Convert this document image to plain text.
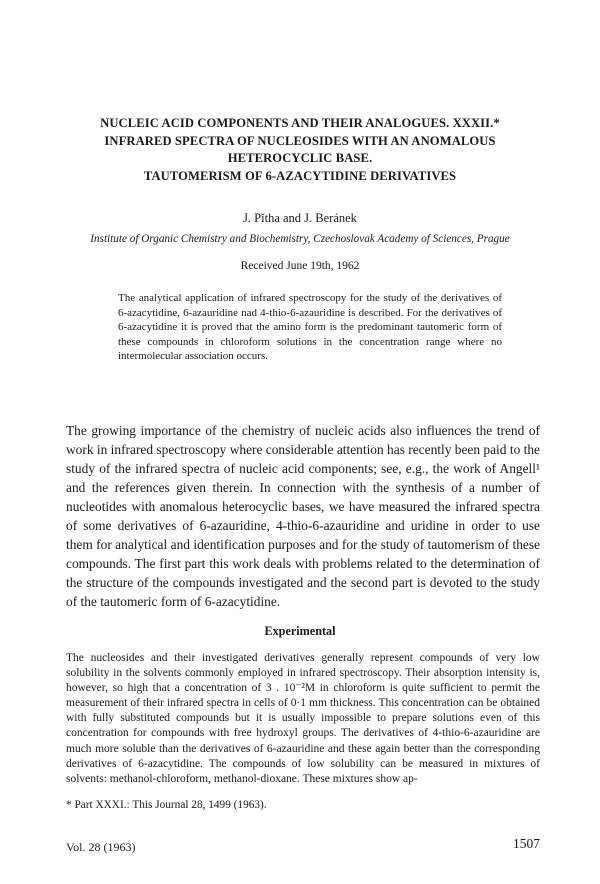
NUCLEIC ACID COMPONENTS AND THEIR ANALOGUES. XXXII.*
INFRARED SPECTRA OF NUCLEOSIDES WITH AN ANOMALOUS
HETEROCYCLIC BASE.
TAUTOMERISM OF 6-AZACYTIDINE DERIVATIVES
J. Pĭtha and J. Beránek
Institute of Organic Chemistry and Biochemistry, Czechoslovak Academy of Sciences, Prague
Received June 19th, 1962
The analytical application of infrared spectroscopy for the study of the derivatives of 6-azacytidine, 6-azauridine nad 4-thio-6-azauridine is described. For the derivatives of 6-azacytidine it is proved that the amino form is the predominant tautomeric form of these compounds in chloroform solutions in the concentration range where no intermolecular association occurs.
The growing importance of the chemistry of nucleic acids also influences the trend of work in infrared spectroscopy where considerable attention has recently been paid to the study of the infrared spectra of nucleic acid components; see, e.g., the work of Angell¹ and the references given therein. In connection with the synthesis of a number of nucleotides with anomalous heterocyclic bases, we have measured the infrared spectra of some derivatives of 6-azauridine, 4-thio-6-azauridine and uridine in order to use them for analytical and identification purposes and for the study of tautomerism of these compounds. The first part this work deals with problems related to the determination of the structure of the compounds investigated and the second part is devoted to the study of the tautomeric form of 6-azacytidine.
Experimental
The nucleosides and their investigated derivatives generally represent compounds of very low solubility in the solvents commonly employed in infrared spectroscopy. Their absorption intensity is, however, so high that a concentration of 3 . 10⁻²M in chloroform is quite sufficient to permit the measurement of their infrared spectra in cells of 0·1 mm thickness. This concentration can be obtained with fully substituted compounds but it is usually impossible to prepare solutions even of this concentration for compounds with free hydroxyl groups. The derivatives of 4-thio-6-azauridine are much more soluble than the derivatives of 6-azauridine and these again better than the corresponding derivatives of 6-azacytidine. The compounds of low solubility can be measured in mixtures of solvents: methanol-chloroform, methanol-dioxane. These mixtures show ap-
* Part XXXI.: This Journal 28, 1499 (1963).
Vol. 28 (1963)	1507
